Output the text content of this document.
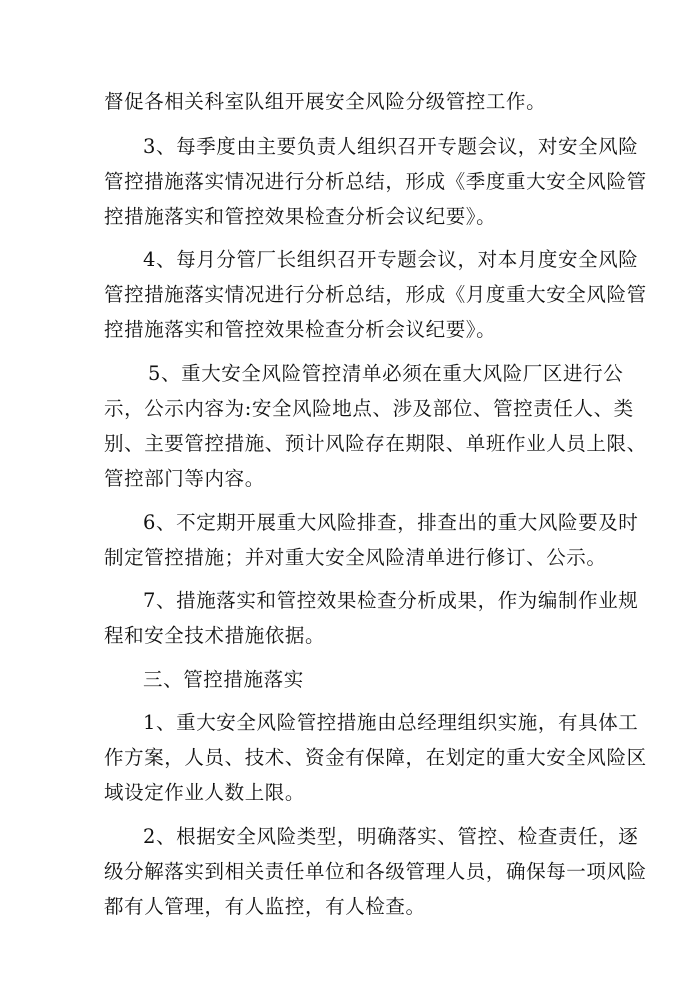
督促各相关科室队组开展安全风险分级管控工作。
3、每季度由主要负责人组织召开专题会议，对安全风险
管控措施落实情况进行分析总结，形成《季度重大安全风险管
控措施落实和管控效果检查分析会议纪要》。
4、每月分管厂长组织召开专题会议，对本月度安全风险
管控措施落实情况进行分析总结，形成《月度重大安全风险管
控措施落实和管控效果检查分析会议纪要》。
5、重大安全风险管控清单必须在重大风险厂区进行公
示，公示内容为:安全风险地点、涉及部位、管控责任人、类
别、主要管控措施、预计风险存在期限、单班作业人员上限、
管控部门等内容。
6、不定期开展重大风险排查，排查出的重大风险要及时
制定管控措施；并对重大安全风险清单进行修订、公示。
7、措施落实和管控效果检查分析成果，作为编制作业规
程和安全技术措施依据。
三、管控措施落实
1、重大安全风险管控措施由总经理组织实施，有具体工
作方案，人员、技术、资金有保障，在划定的重大安全风险区
域设定作业人数上限。
2、根据安全风险类型，明确落实、管控、检查责任，逐
级分解落实到相关责任单位和各级管理人员，确保每一项风险
都有人管理，有人监控，有人检查。
